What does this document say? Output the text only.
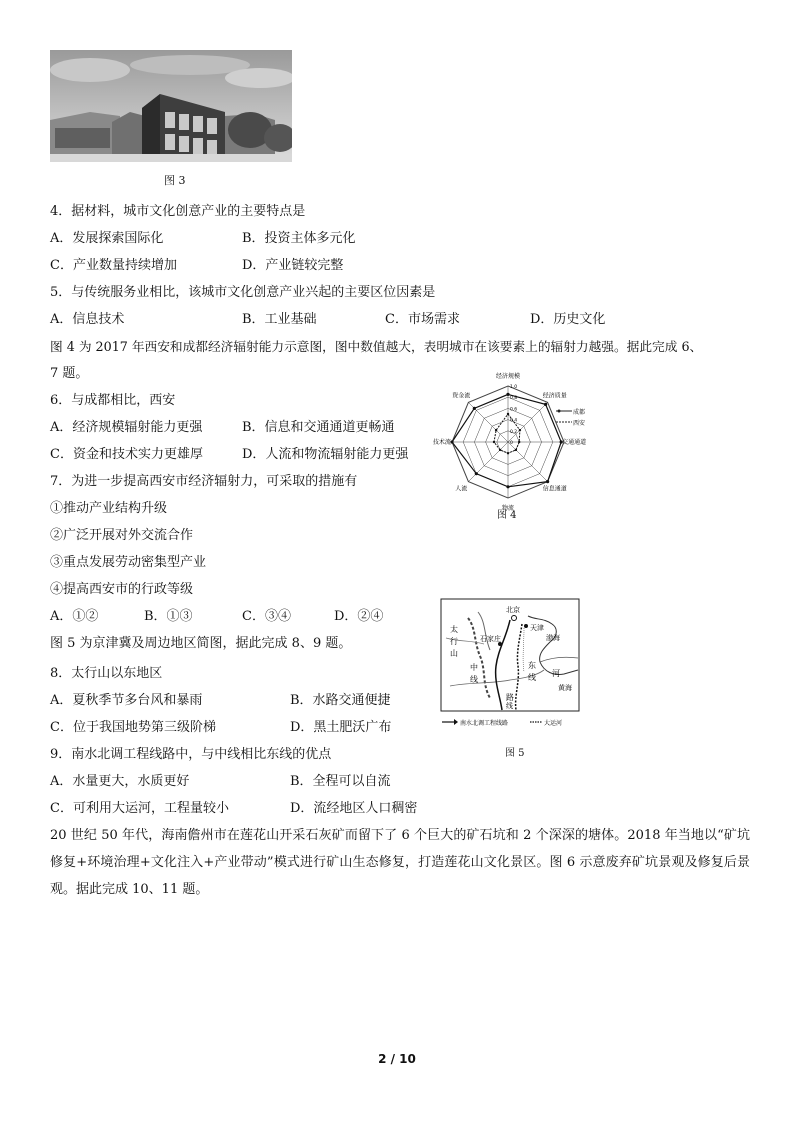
图 3
4．据材料，城市文化创意产业的主要特点是
A．发展探索国际化	B．投资主体多元化
C．产业数量持续增加	D．产业链较完整
5．与传统服务业相比，该城市文化创意产业兴起的主要区位因素是
A．信息技术	B．工业基础	C．市场需求	D．历史文化
图 4 为 2017 年西安和成都经济辐射能力示意图，图中数值越大，表明城市在该要素上的辐射力越强。据此完成 6、
7 题。
6．与成都相比，西安
A．经济规模辐射能力更强	B．信息和交通通道更畅通
C．资金和技术实力更雄厚	D．人流和物流辐射能力更强
7．为进一步提高西安市经济辐射力，可采取的措施有
①推动产业结构升级
②广泛开展对外交流合作
③重点发展劳动密集型产业
④提高西安市的行政等级
A．①②	B．①③	C．③④	D．②④
经济规模
经济质量
交通通道
信息通道
物流
人流
技术流
资金流
1.0
0.8
0.6
0.4
0.2
0
成都
西安
图 4
图 5 为京津冀及周边地区简图，据此完成 8、9 题。
北京
天津
渤海
石家庄
黄海
太
行
山
中
线
东
线
路
线
河
南水北调工程线路	大运河
图 5
8．太行山以东地区
A．夏秋季节多台风和暴雨	B．水路交通便捷
C．位于我国地势第三级阶梯	D．黑土肥沃广布
9．南水北调工程线路中，与中线相比东线的优点
A．水量更大，水质更好	B．全程可以自流
C．可利用大运河，工程量较小	D．流经地区人口稠密
20 世纪 50 年代，海南儋州市在莲花山开采石灰矿而留下了 6 个巨大的矿石坑和 2 个深深的塘体。2018 年当地以“矿坑修复+环境治理+文化注入+产业带动”模式进行矿山生态修复，打造莲花山文化景区。图 6 示意废弃矿坑景观及修复后景观。据此完成 10、11 题。
2 / 10
